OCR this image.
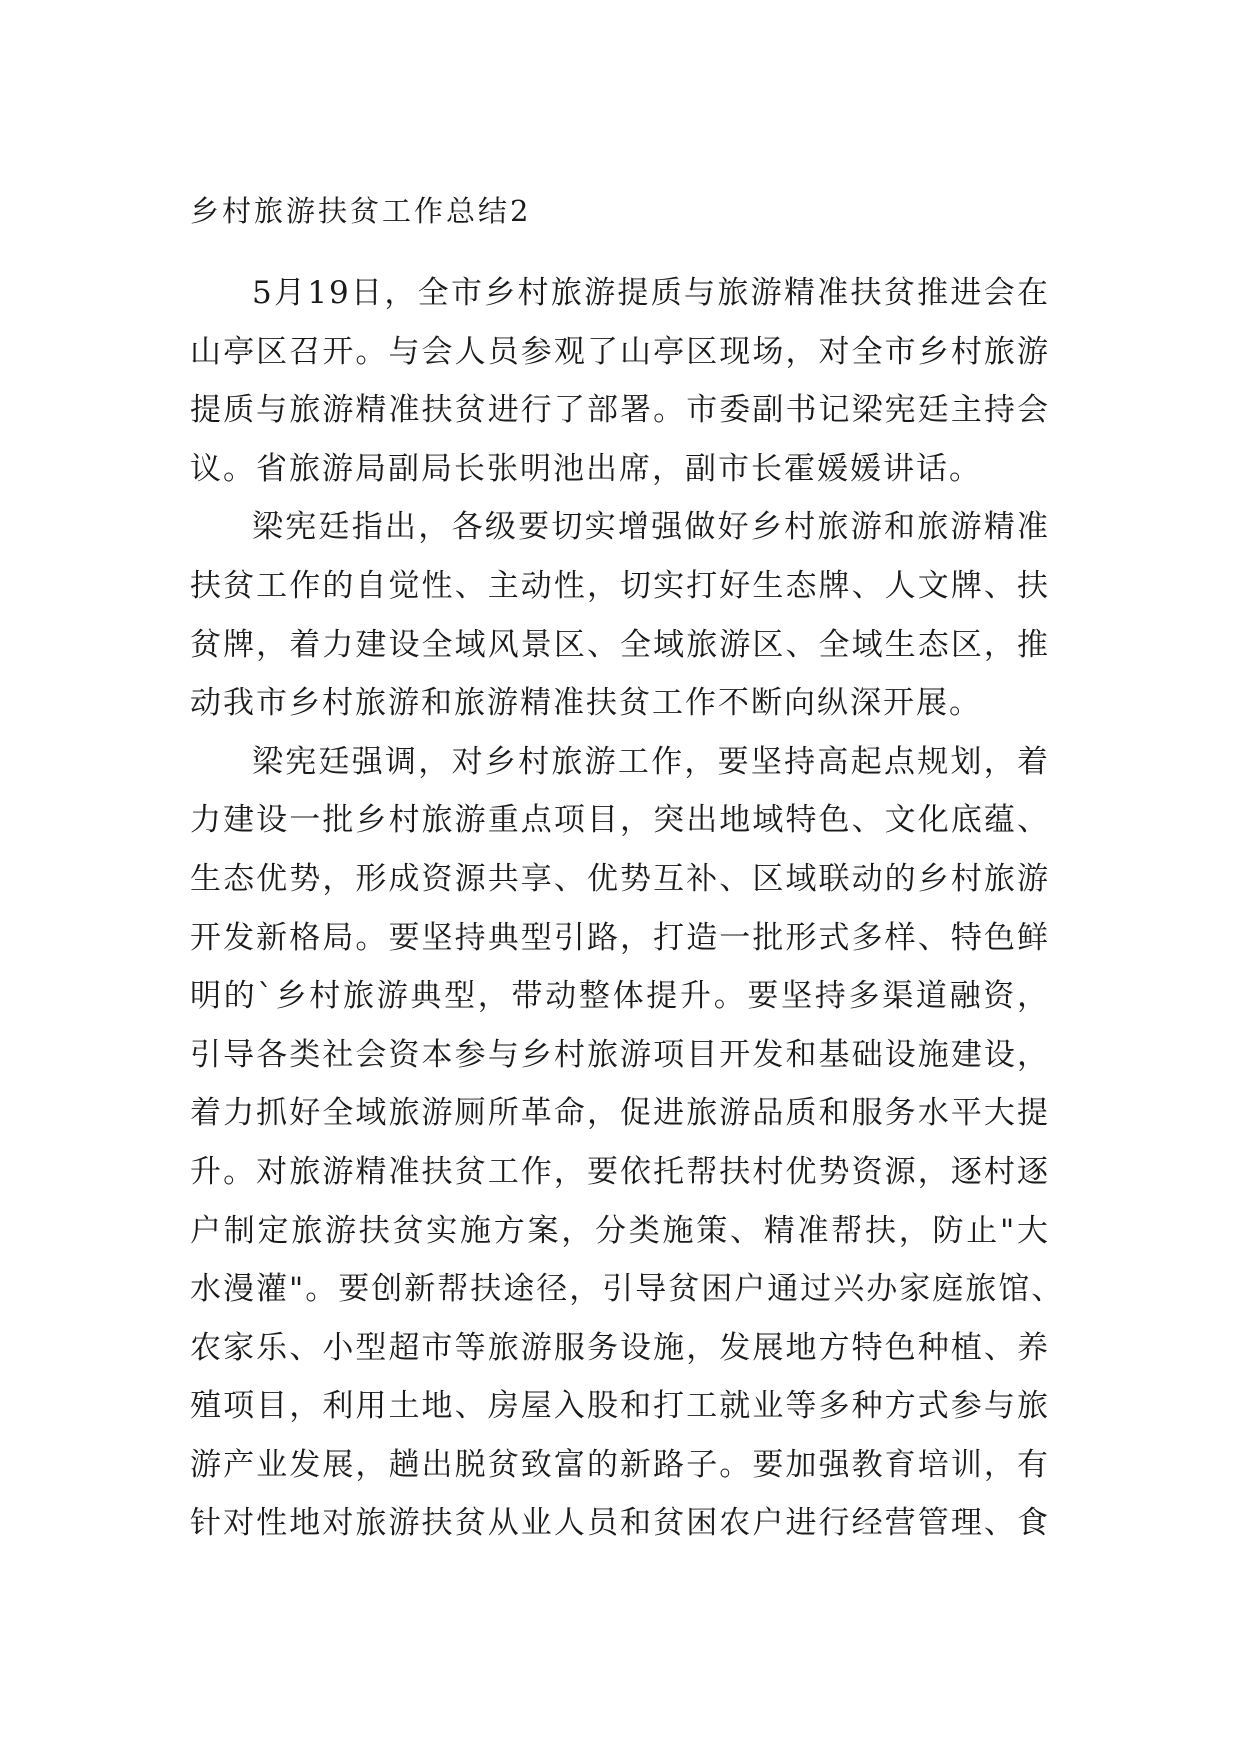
乡村旅游扶贫工作总结2
5月19日，全市乡村旅游提质与旅游精准扶贫推进会在
山亭区召开。与会人员参观了山亭区现场，对全市乡村旅游
提质与旅游精准扶贫进行了部署。市委副书记梁宪廷主持会
议。省旅游局副局长张明池出席，副市长霍媛媛讲话。
梁宪廷指出，各级要切实增强做好乡村旅游和旅游精准
扶贫工作的自觉性、主动性，切实打好生态牌、人文牌、扶
贫牌，着力建设全域风景区、全域旅游区、全域生态区，推
动我市乡村旅游和旅游精准扶贫工作不断向纵深开展。
梁宪廷强调，对乡村旅游工作，要坚持高起点规划，着
力建设一批乡村旅游重点项目，突出地域特色、文化底蕴、
生态优势，形成资源共享、优势互补、区域联动的乡村旅游
开发新格局。要坚持典型引路，打造一批形式多样、特色鲜
明的`乡村旅游典型，带动整体提升。要坚持多渠道融资，
引导各类社会资本参与乡村旅游项目开发和基础设施建设，
着力抓好全域旅游厕所革命，促进旅游品质和服务水平大提
升。对旅游精准扶贫工作，要依托帮扶村优势资源，逐村逐
户制定旅游扶贫实施方案，分类施策、精准帮扶，防止"大
水漫灌"。要创新帮扶途径，引导贫困户通过兴办家庭旅馆、
农家乐、小型超市等旅游服务设施，发展地方特色种植、养
殖项目，利用土地、房屋入股和打工就业等多种方式参与旅
游产业发展，趟出脱贫致富的新路子。要加强教育培训，有
针对性地对旅游扶贫从业人员和贫困农户进行经营管理、食
